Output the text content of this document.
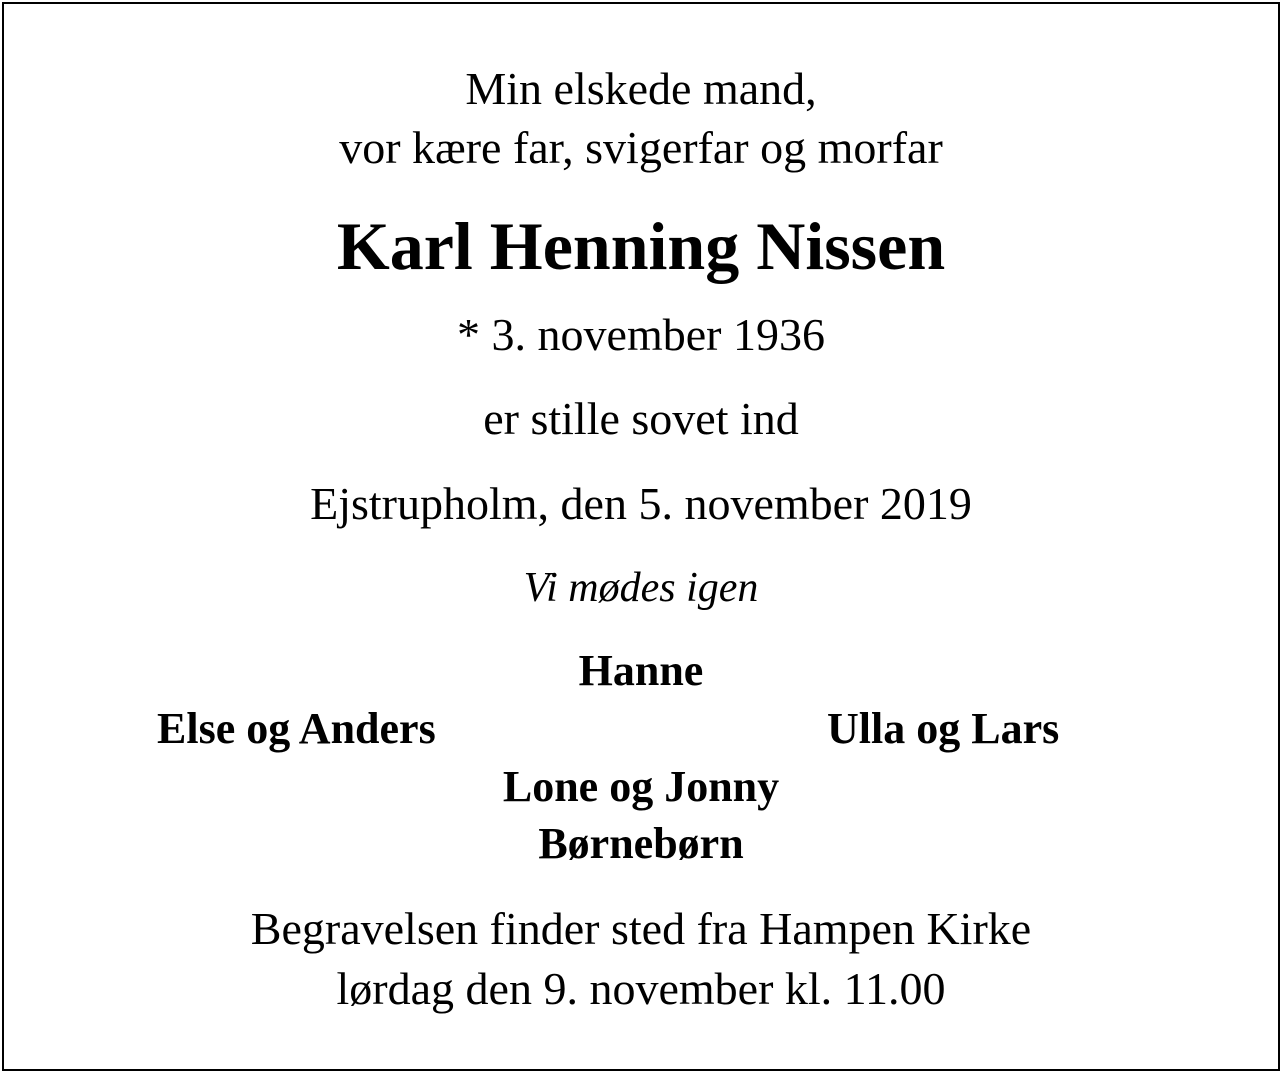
Min elskede mand,
vor kære far, svigerfar og morfar
Karl Henning Nissen
* 3. november 1936
er stille sovet ind
Ejstrupholm, den 5. november 2019
Vi mødes igen
Hanne
Else og Anders	Ulla og Lars
Lone og Jonny
Børnebørn
Begravelsen finder sted fra Hampen Kirke
lørdag den 9. november kl. 11.00
